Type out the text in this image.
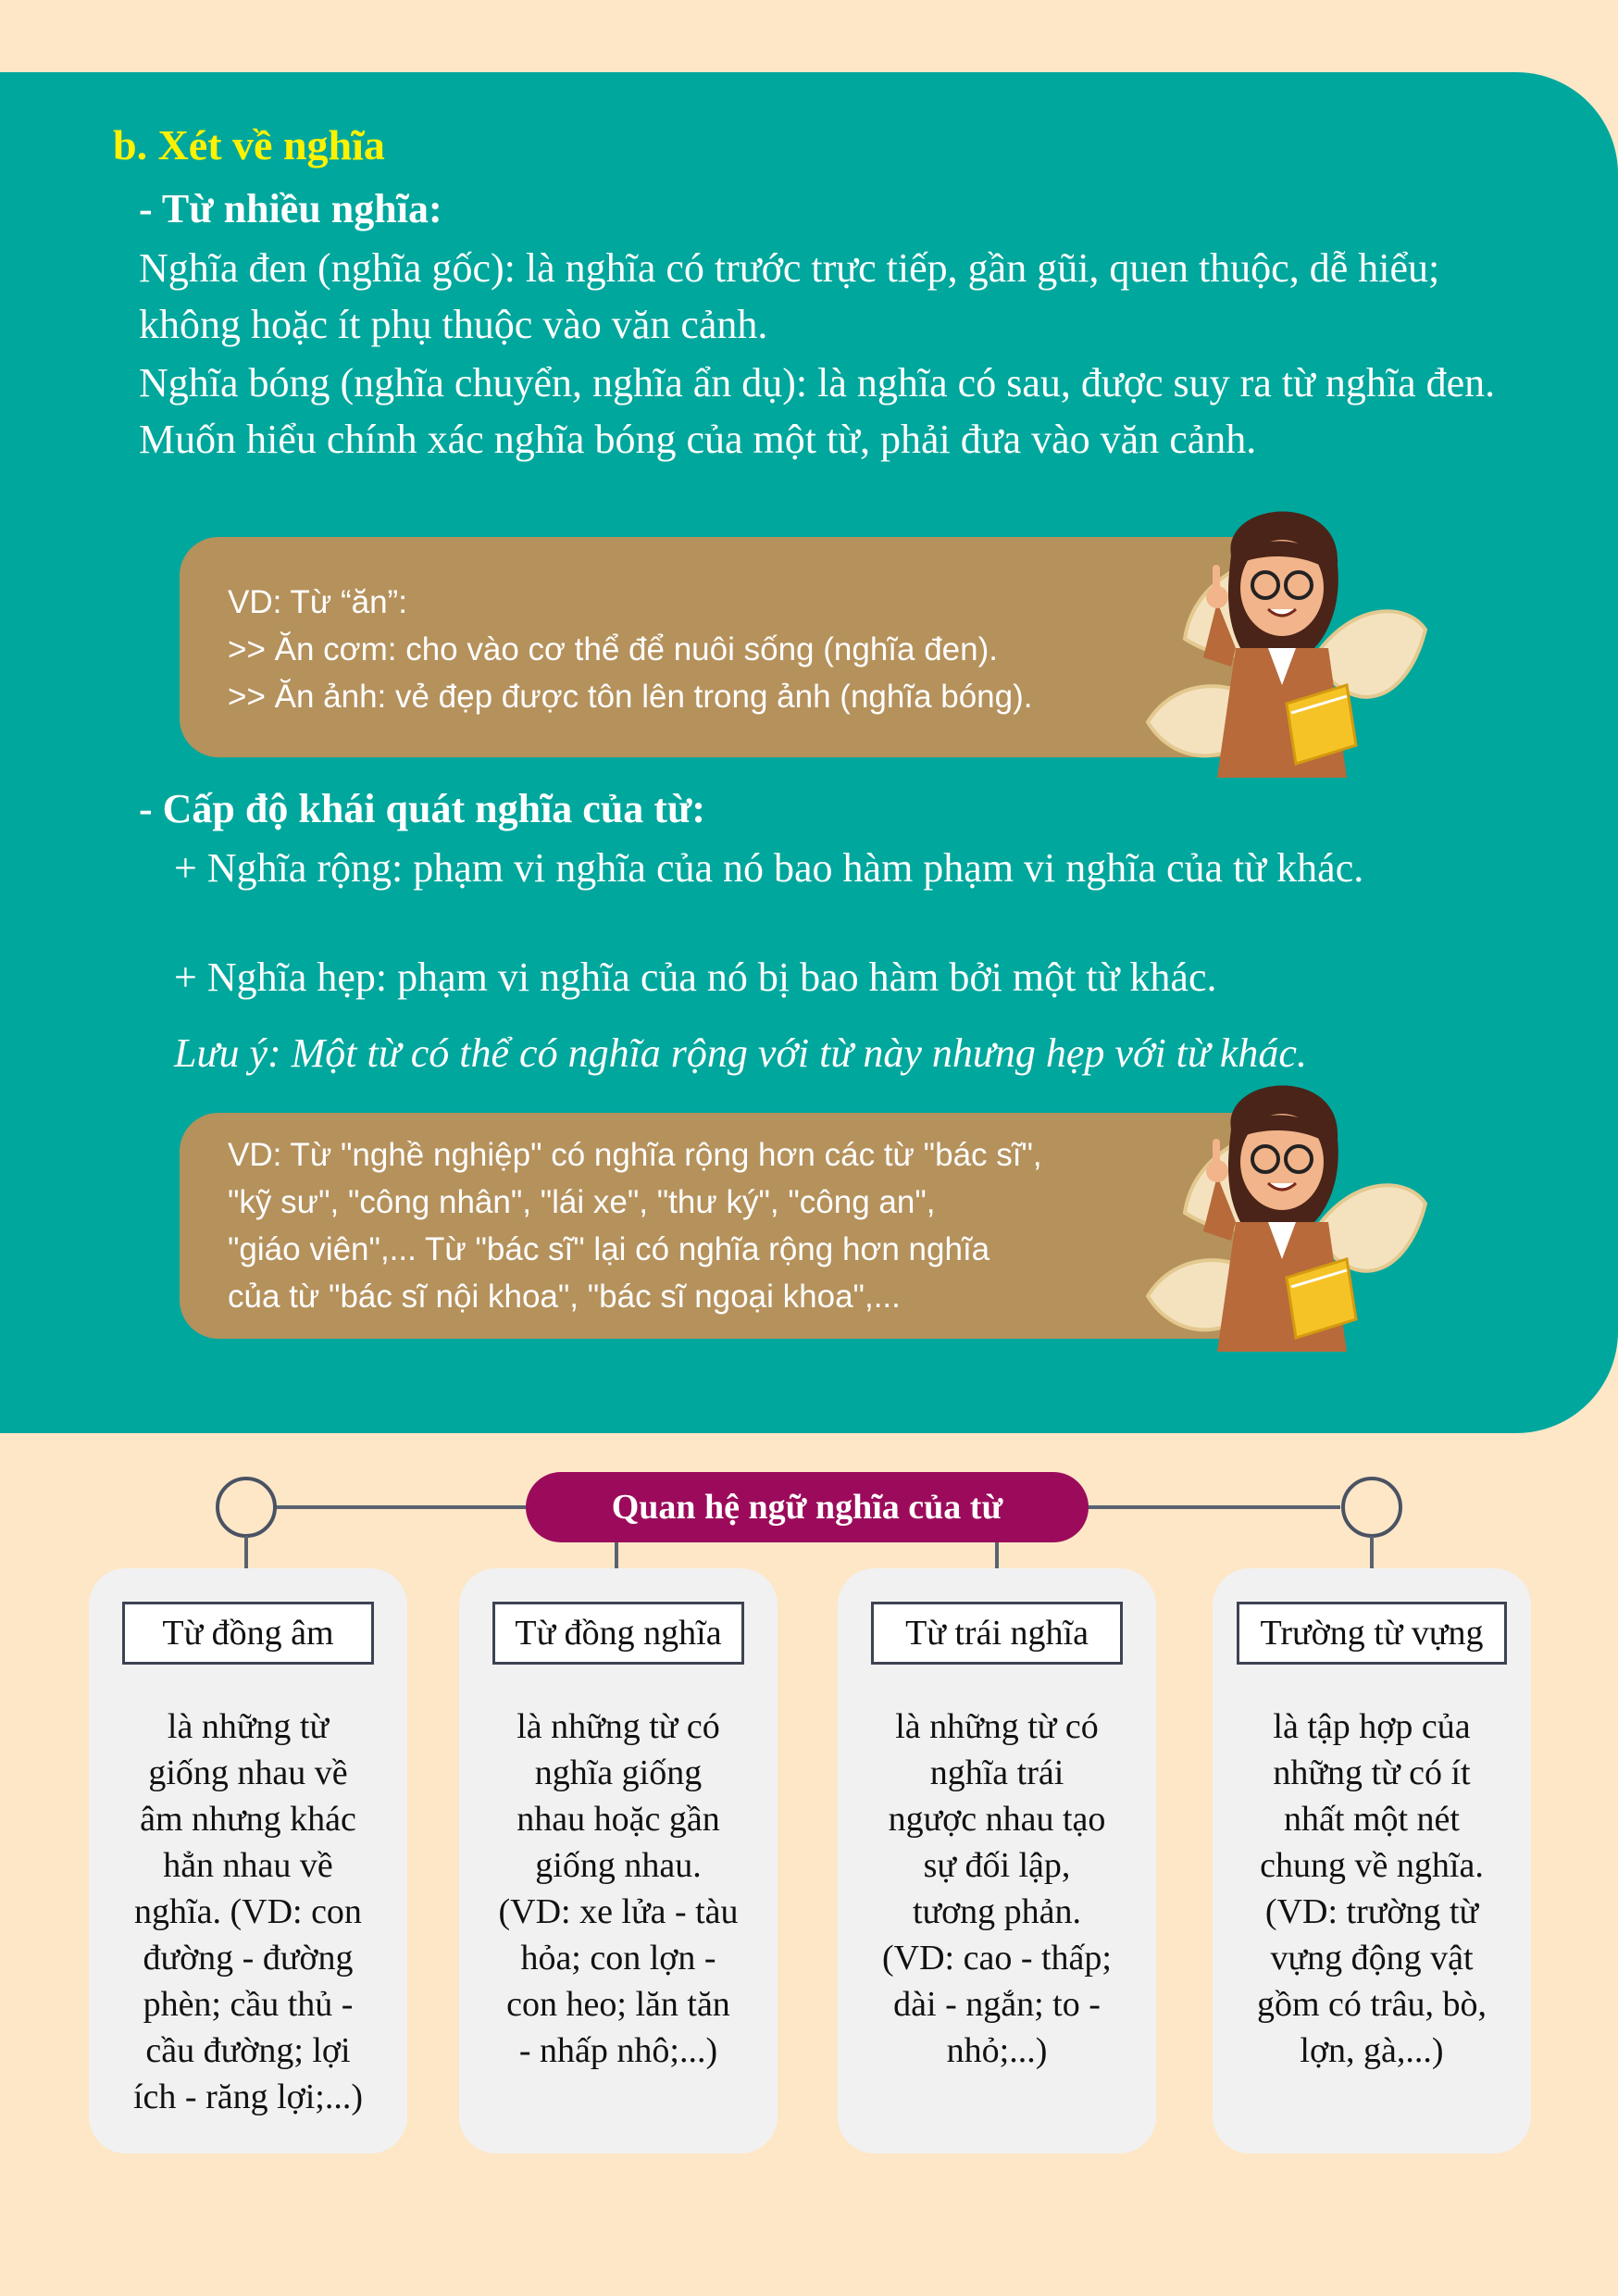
b. Xét về nghĩa
- Từ nhiều nghĩa:

Nghĩa đen (nghĩa gốc): là nghĩa có trước trực tiếp, gần gũi, quen thuộc, dễ hiểu; không hoặc ít phụ thuộc vào văn cảnh.

Nghĩa bóng (nghĩa chuyển, nghĩa ẩn dụ): là nghĩa có sau, được suy ra từ nghĩa đen. Muốn hiểu chính xác nghĩa bóng của một từ, phải đưa vào văn cảnh.

VD: Từ “ăn”:
>> Ăn cơm: cho vào cơ thể để nuôi sống (nghĩa đen).
>> Ăn ảnh: vẻ đẹp được tôn lên trong ảnh (nghĩa bóng).
- Cấp độ khái quát nghĩa của từ:

+ Nghĩa rộng: phạm vi nghĩa của nó bao hàm phạm vi nghĩa của từ khác.

+ Nghĩa hẹp: phạm vi nghĩa của nó bị bao hàm bởi một từ khác.

Lưu ý: Một từ có thể có nghĩa rộng với từ này nhưng hẹp với từ khác.

VD: Từ "nghề nghiệp" có nghĩa rộng hơn các từ "bác sĩ",
"kỹ sư", "công nhân", "lái xe", "thư ký", "công an",
"giáo viên",... Từ "bác sĩ" lại có nghĩa rộng hơn nghĩa
của từ "bác sĩ nội khoa", "bác sĩ ngoại khoa",...
Quan hệ ngữ nghĩa của từ
Từ đồng âm

là những từ
giống nhau về
âm nhưng khác
hẳn nhau về
nghĩa. (VD: con
đường - đường
phèn; cầu thủ -
cầu đường; lợi
ích - răng lợi;...)

Từ đồng nghĩa

là những từ có
nghĩa giống
nhau hoặc gần
giống nhau.
(VD: xe lửa - tàu
hỏa; con lợn -
con heo; lăn tăn
- nhấp nhô;...)

Từ trái nghĩa

là những từ có
nghĩa trái
ngược nhau tạo
sự đối lập,
tương phản.
(VD: cao - thấp;
dài - ngắn; to -
nhỏ;...)

Trường từ vựng

là tập hợp của
những từ có ít
nhất một nét
chung về nghĩa.
(VD: trường từ
vựng động vật
gồm có trâu, bò,
lợn, gà,...)
